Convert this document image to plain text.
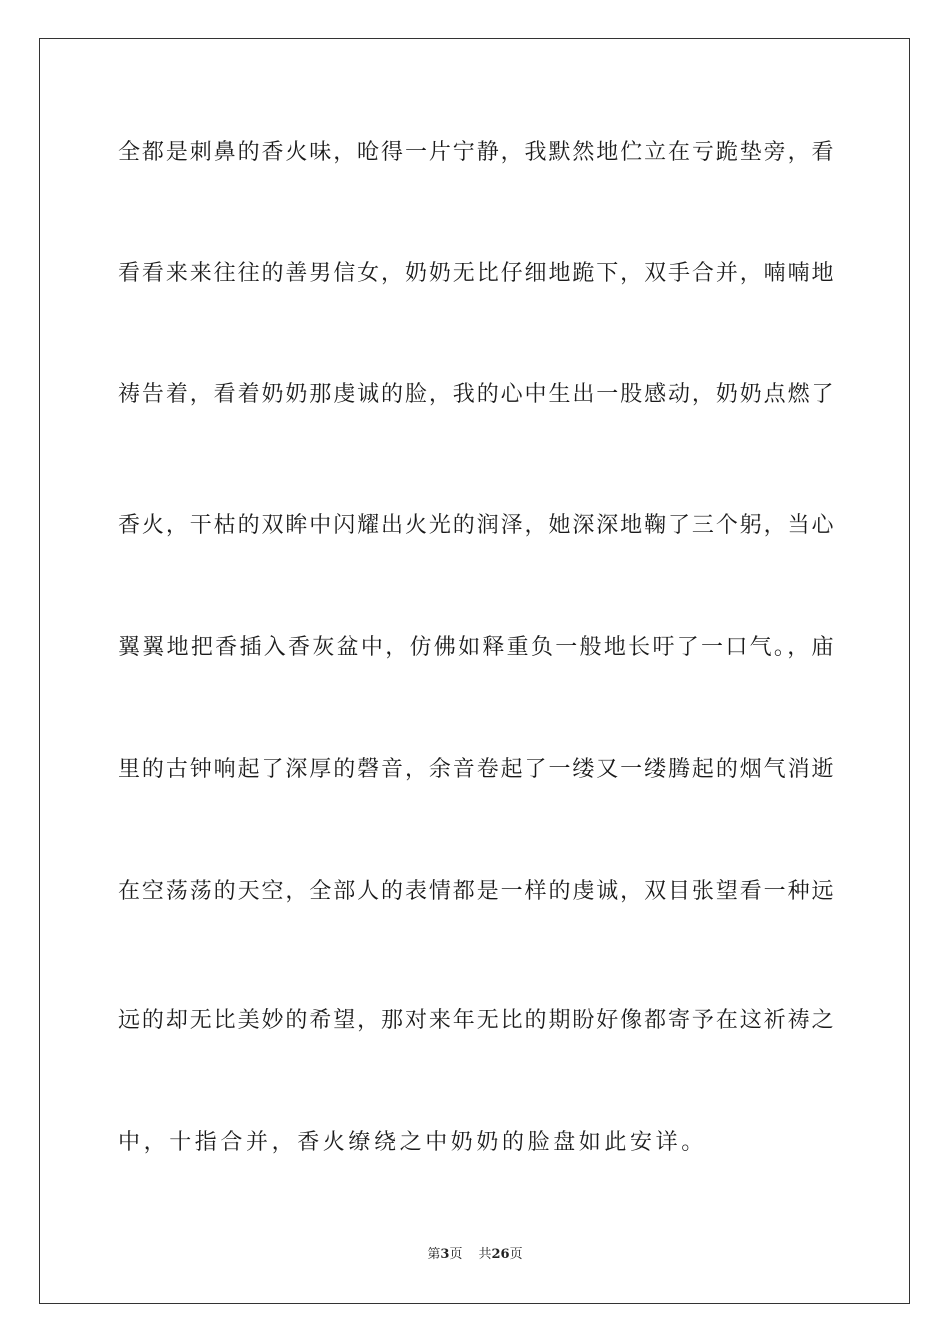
全都是刺鼻的香火味，呛得一片宁静，我默然地伫立在亏跪垫旁，看

看看来来往往的善男信女，奶奶无比仔细地跪下，双手合并，喃喃地

祷告着，看着奶奶那虔诚的脸，我的心中生出一股感动，奶奶点燃了

香火，干枯的双眸中闪耀出火光的润泽，她深深地鞠了三个躬，当心

翼翼地把香插入香灰盆中，仿佛如释重负一般地长吁了一口气。，庙

里的古钟响起了深厚的磬音，余音卷起了一缕又一缕腾起的烟气消逝

在空荡荡的天空，全部人的表情都是一样的虔诚，双目张望看一种远

远的却无比美妙的希望，那对来年无比的期盼好像都寄予在这祈祷之

中，十指合并，香火缭绕之中奶奶的脸盘如此安详。

第3页 共26页
